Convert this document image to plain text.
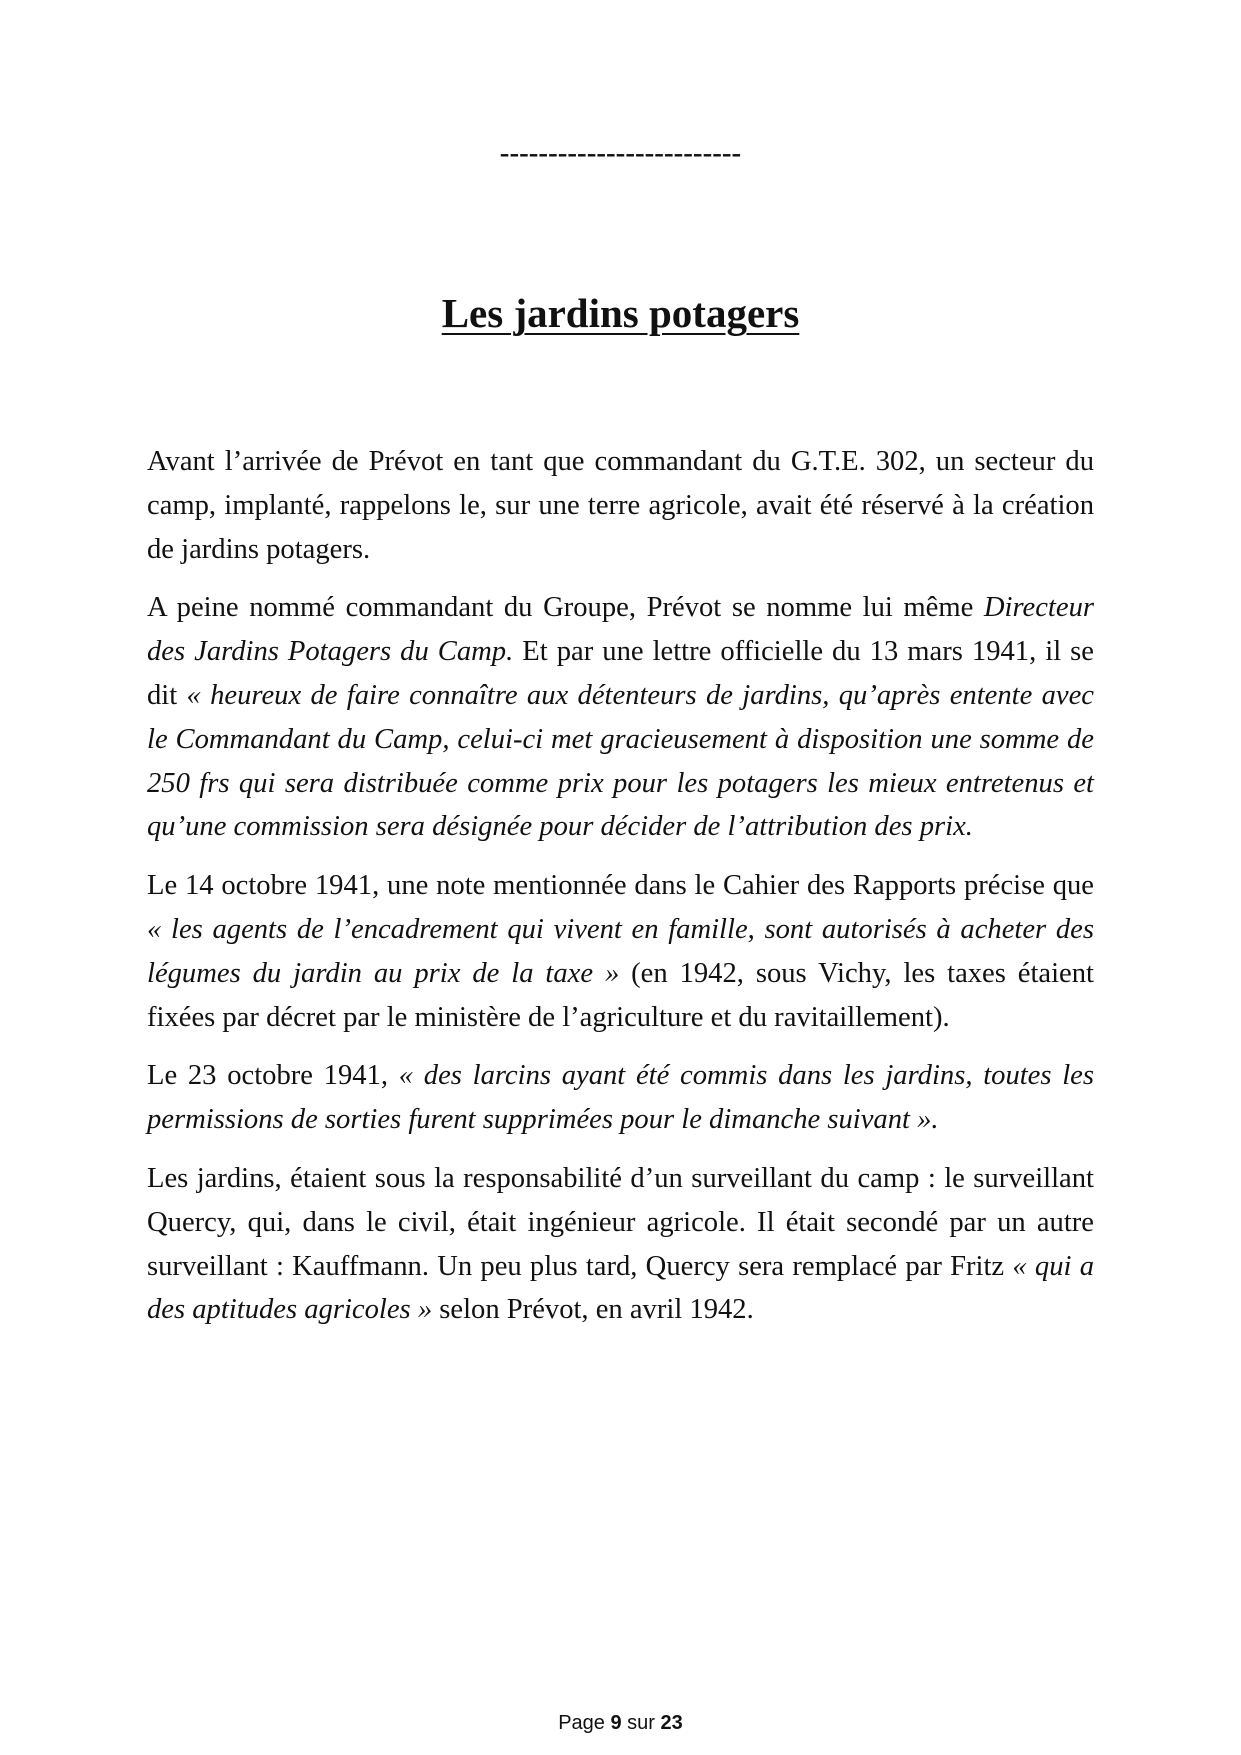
-------------------------
Les jardins potagers

Avant l’arrivée de Prévot en tant que commandant du G.T.E. 302, un secteur du camp, implanté, rappelons le, sur une terre agricole, avait été réservé à la création de jardins potagers.

A peine nommé commandant du Groupe, Prévot se nomme lui même Directeur des Jardins Potagers du Camp. Et par une lettre officielle du 13 mars 1941, il se dit « heureux de faire connaître aux détenteurs de jardins, qu’après entente avec le Commandant du Camp, celui-ci met gracieusement à disposition une somme de 250 frs qui sera distribuée comme prix pour les potagers les mieux entretenus et qu’une commission sera désignée pour décider de l’attribution des prix.

Le 14 octobre 1941, une note mentionnée dans le Cahier des Rapports précise que « les agents de l’encadrement qui vivent en famille, sont autorisés à acheter des légumes du jardin au prix de la taxe » (en 1942, sous Vichy, les taxes étaient fixées par décret par le ministère de l’agriculture et du ravitaillement).

Le 23 octobre 1941, « des larcins ayant été commis dans les jardins, toutes les permissions de sorties furent supprimées pour le dimanche suivant ».

Les jardins, étaient sous la responsabilité d’un surveillant du camp : le surveillant Quercy, qui, dans le civil, était ingénieur agricole. Il était secondé par un autre surveillant : Kauffmann. Un peu plus tard, Quercy sera remplacé par Fritz « qui a des aptitudes agricoles » selon Prévot, en avril 1942.

Page 9 sur 23
